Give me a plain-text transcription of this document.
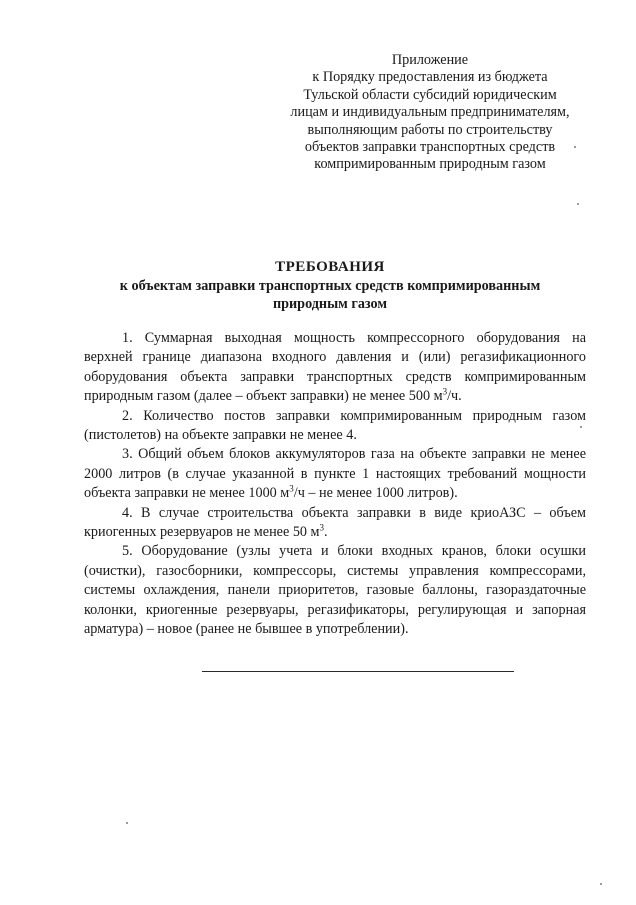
Приложение
к Порядку предоставления из бюджета
Тульской области субсидий юридическим
лицам и индивидуальным предпринимателям,
выполняющим работы по строительству
объектов заправки транспортных средств
компримированным природным газом
ТРЕБОВАНИЯ
к объектам заправки транспортных средств компримированным
природным газом

1. Суммарная выходная мощность компрессорного оборудования на верхней границе диапазона входного давления и (или) регазификационного оборудования объекта заправки транспортных средств компримированным природным газом (далее – объект заправки) не менее 500 $м^3/ч$.

2. Количество постов заправки компримированным природным газом (пистолетов) на объекте заправки не менее 4.

3. Общий объем блоков аккумуляторов газа на объекте заправки не менее 2000 литров (в случае указанной в пункте 1 настоящих требований мощности объекта заправки не менее 1000 $м^3/ч$ – не менее 1000 литров).

4. В случае строительства объекта заправки в виде криоАЗС – объем криогенных резервуаров не менее 50 $м^3$.

5. Оборудование (узлы учета и блоки входных кранов, блоки осушки (очистки), газосборники, компрессоры, системы управления компрессорами, системы охлаждения, панели приоритетов, газовые баллоны, газораздаточные колонки, криогенные резервуары, регазификаторы, регулирующая и запорная арматура) – новое (ранее не бывшее в употреблении).
